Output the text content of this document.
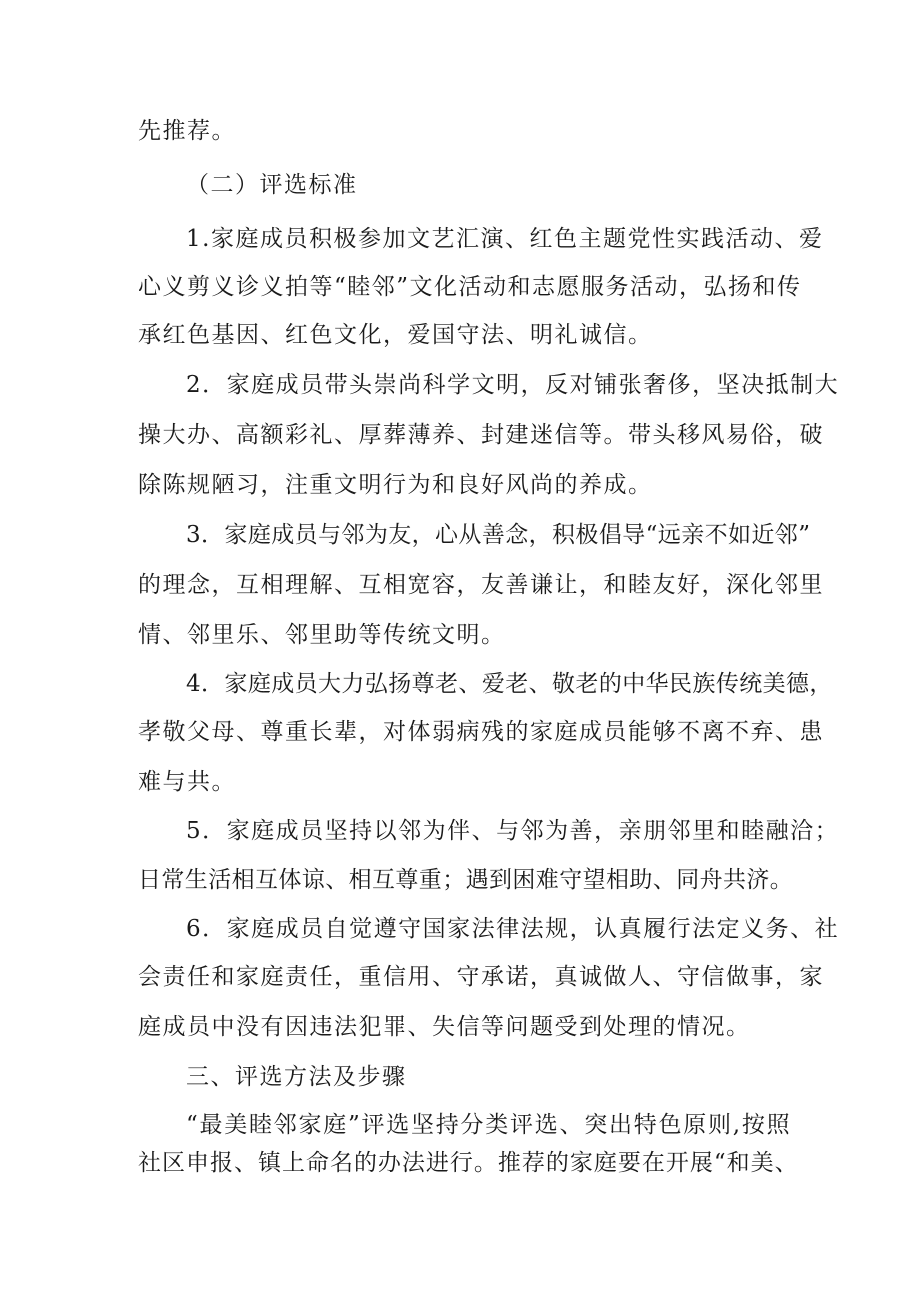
先推荐。
（二）评选标准
1.家庭成员积极参加文艺汇演、红色主题党性实践活动、爱
心义剪义诊义拍等“睦邻”文化活动和志愿服务活动，弘扬和传
承红色基因、红色文化，爱国守法、明礼诚信。
2．家庭成员带头崇尚科学文明，反对铺张奢侈，坚决抵制大
操大办、高额彩礼、厚葬薄养、封建迷信等。带头移风易俗，破
除陈规陋习，注重文明行为和良好风尚的养成。
3．家庭成员与邻为友，心从善念，积极倡导“远亲不如近邻”
的理念，互相理解、互相宽容，友善谦让，和睦友好，深化邻里
情、邻里乐、邻里助等传统文明。
4．家庭成员大力弘扬尊老、爱老、敬老的中华民族传统美德，
孝敬父母、尊重长辈，对体弱病残的家庭成员能够不离不弃、患
难与共。
5．家庭成员坚持以邻为伴、与邻为善，亲朋邻里和睦融洽；
日常生活相互体谅、相互尊重；遇到困难守望相助、同舟共济。
6．家庭成员自觉遵守国家法律法规，认真履行法定义务、社
会责任和家庭责任，重信用、守承诺，真诚做人、守信做事，家
庭成员中没有因违法犯罪、失信等问题受到处理的情况。
三、评选方法及步骤
“最美睦邻家庭”评选坚持分类评选、突出特色原则,按照
社区申报、镇上命名的办法进行。推荐的家庭要在开展“和美、
